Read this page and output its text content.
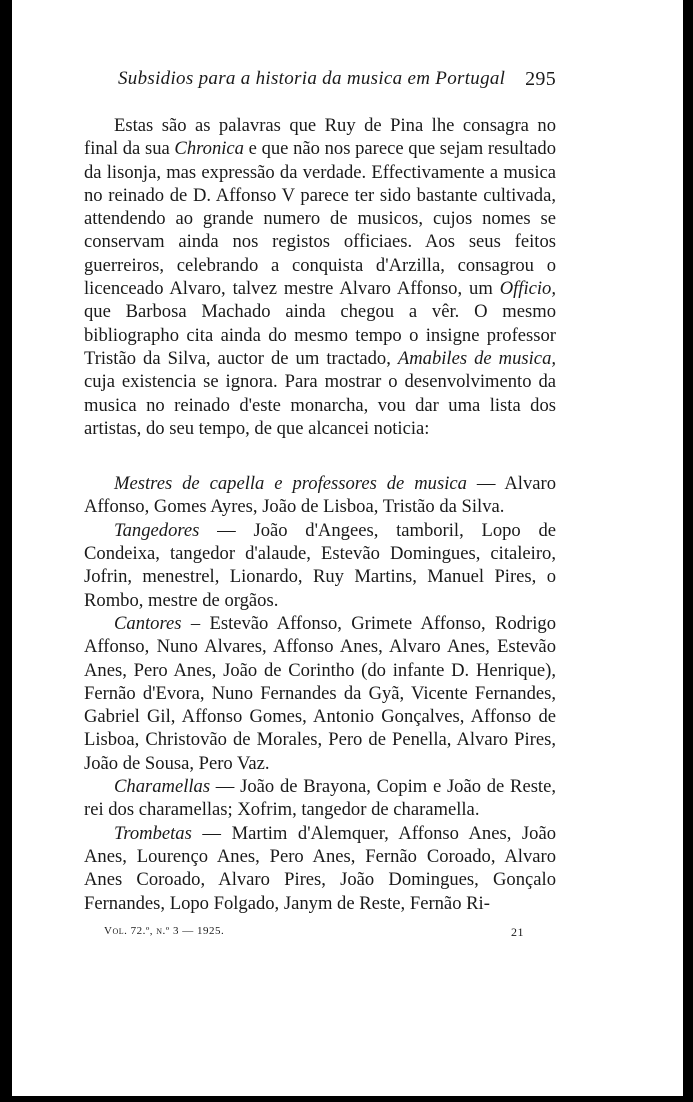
Subsidios para a historia da musica em Portugal 295

Estas são as palavras que Ruy de Pina lhe consagra no final da sua Chronica e que não nos parece que sejam resultado da lisonja, mas expressão da verdade. Effectivamente a musica no reinado de D. Affonso V parece ter sido bastante cultivada, attendendo ao grande numero de musicos, cujos nomes se conservam ainda nos registos officiaes. Aos seus feitos guerreiros, celebrando a conquista d'Arzilla, consagrou o licenceado Alvaro, talvez mestre Alvaro Affonso, um Officio, que Barbosa Machado ainda chegou a vêr. O mesmo bibliographo cita ainda do mesmo tempo o insigne professor Tristão da Silva, auctor de um tractado, Amabiles de musica, cuja existencia se ignora. Para mostrar o desenvolvimento da musica no reinado d'este monarcha, vou dar uma lista dos artistas, do seu tempo, de que alcancei noticia:

Mestres de capella e professores de musica — Alvaro Affonso, Gomes Ayres, João de Lisboa, Tristão da Silva.

Tangedores — João d'Angees, tamboril, Lopo de Condeixa, tangedor d'alaude, Estevão Domingues, citaleiro, Jofrin, menestrel, Lionardo, Ruy Martins, Manuel Pires, o Rombo, mestre de orgãos.

Cantores – Estevão Affonso, Grimete Affonso, Rodrigo Affonso, Nuno Alvares, Affonso Anes, Alvaro Anes, Estevão Anes, Pero Anes, João de Corintho (do infante D. Henrique), Fernão d'Evora, Nuno Fernandes da Gyã, Vicente Fernandes, Gabriel Gil, Affonso Gomes, Antonio Gonçalves, Affonso de Lisboa, Christovão de Morales, Pero de Penella, Alvaro Pires, João de Sousa, Pero Vaz.

Charamellas — João de Brayona, Copim e João de Reste, rei dos charamellas; Xofrim, tangedor de charamella.

Trombetas — Martim d'Alemquer, Affonso Anes, João Anes, Lourenço Anes, Pero Anes, Fernão Coroado, Alvaro Anes Coroado, Alvaro Pires, João Domingues, Gonçalo Fernandes, Lopo Folgado, Janym de Reste, Fernão Ri-

Vol. 72.º, n.º 3 — 1925.	21
